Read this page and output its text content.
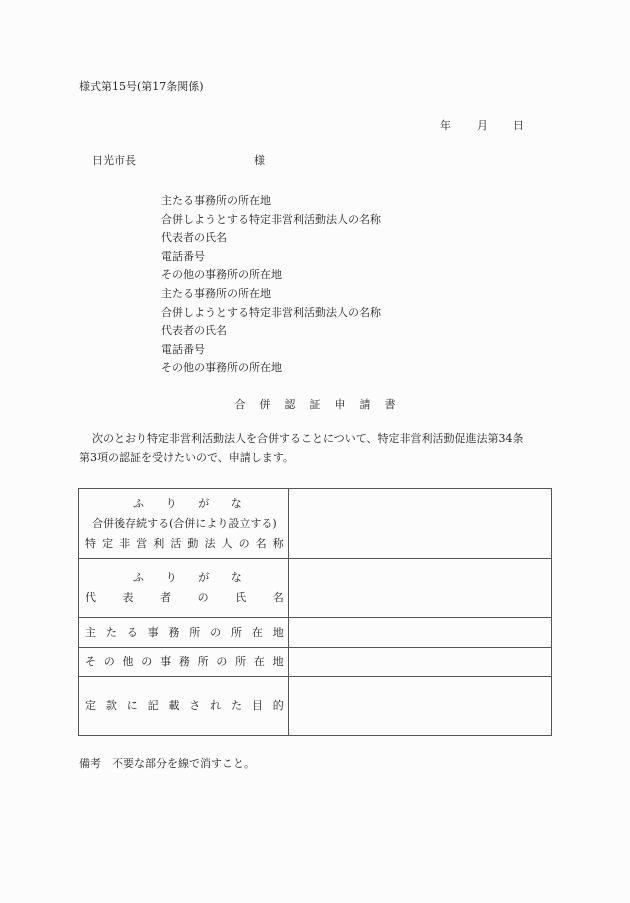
様式第15号(第17条関係)
年 月 日
日光市長	様
主たる事務所の所在地
合併しようとする特定非営利活動法人の名称
代表者の氏名
電話番号
その他の事務所の所在地
主たる事務所の所在地
合併しようとする特定非営利活動法人の名称
代表者の氏名
電話番号
その他の事務所の所在地
合併認証申請書
次のとおり特定非営利活動法人を合併することについて、特定非営利活動促進法第34条
第3項の認証を受けたいので、申請します。
ふ り が な
合併後存続する(合併により設立する)
特 定 非 営 利 活 動 法 人 の 名 称

ふ り が な
代 表 者 の 氏 名

主 た る 事 務 所 の 所 在 地

そ の 他 の 事 務 所 の 所 在 地

定 款 に 記 載 さ れ た 目 的

備考　不要な部分を線で消すこと。
